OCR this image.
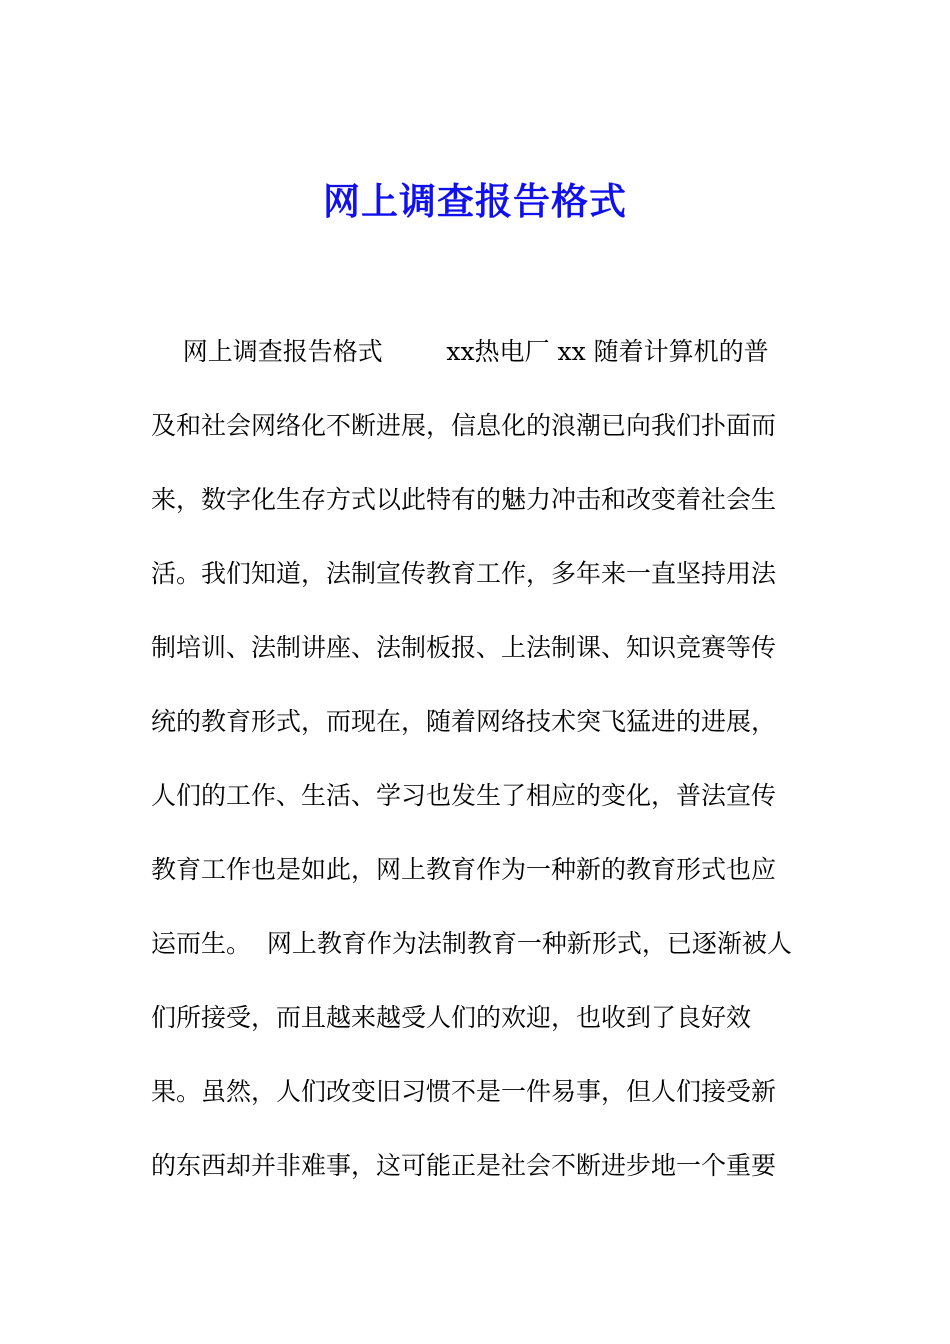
网上调查报告格式

网上调查报告格式        xx热电厂 xx 随着计算机的普

及和社会网络化不断进展，信息化的浪潮已向我们扑面而

来，数字化生存方式以此特有的魅力冲击和改变着社会生

活。我们知道，法制宣传教育工作，多年来一直坚持用法

制培训、法制讲座、法制板报、上法制课、知识竞赛等传

统的教育形式，而现在，随着网络技术突飞猛进的进展，

人们的工作、生活、学习也发生了相应的变化，普法宣传

教育工作也是如此，网上教育作为一种新的教育形式也应

运而生。  网上教育作为法制教育一种新形式，已逐渐被人

们所接受，而且越来越受人们的欢迎，也收到了良好效

果。虽然，人们改变旧习惯不是一件易事，但人们接受新

的东西却并非难事，这可能正是社会不断进步地一个重要
